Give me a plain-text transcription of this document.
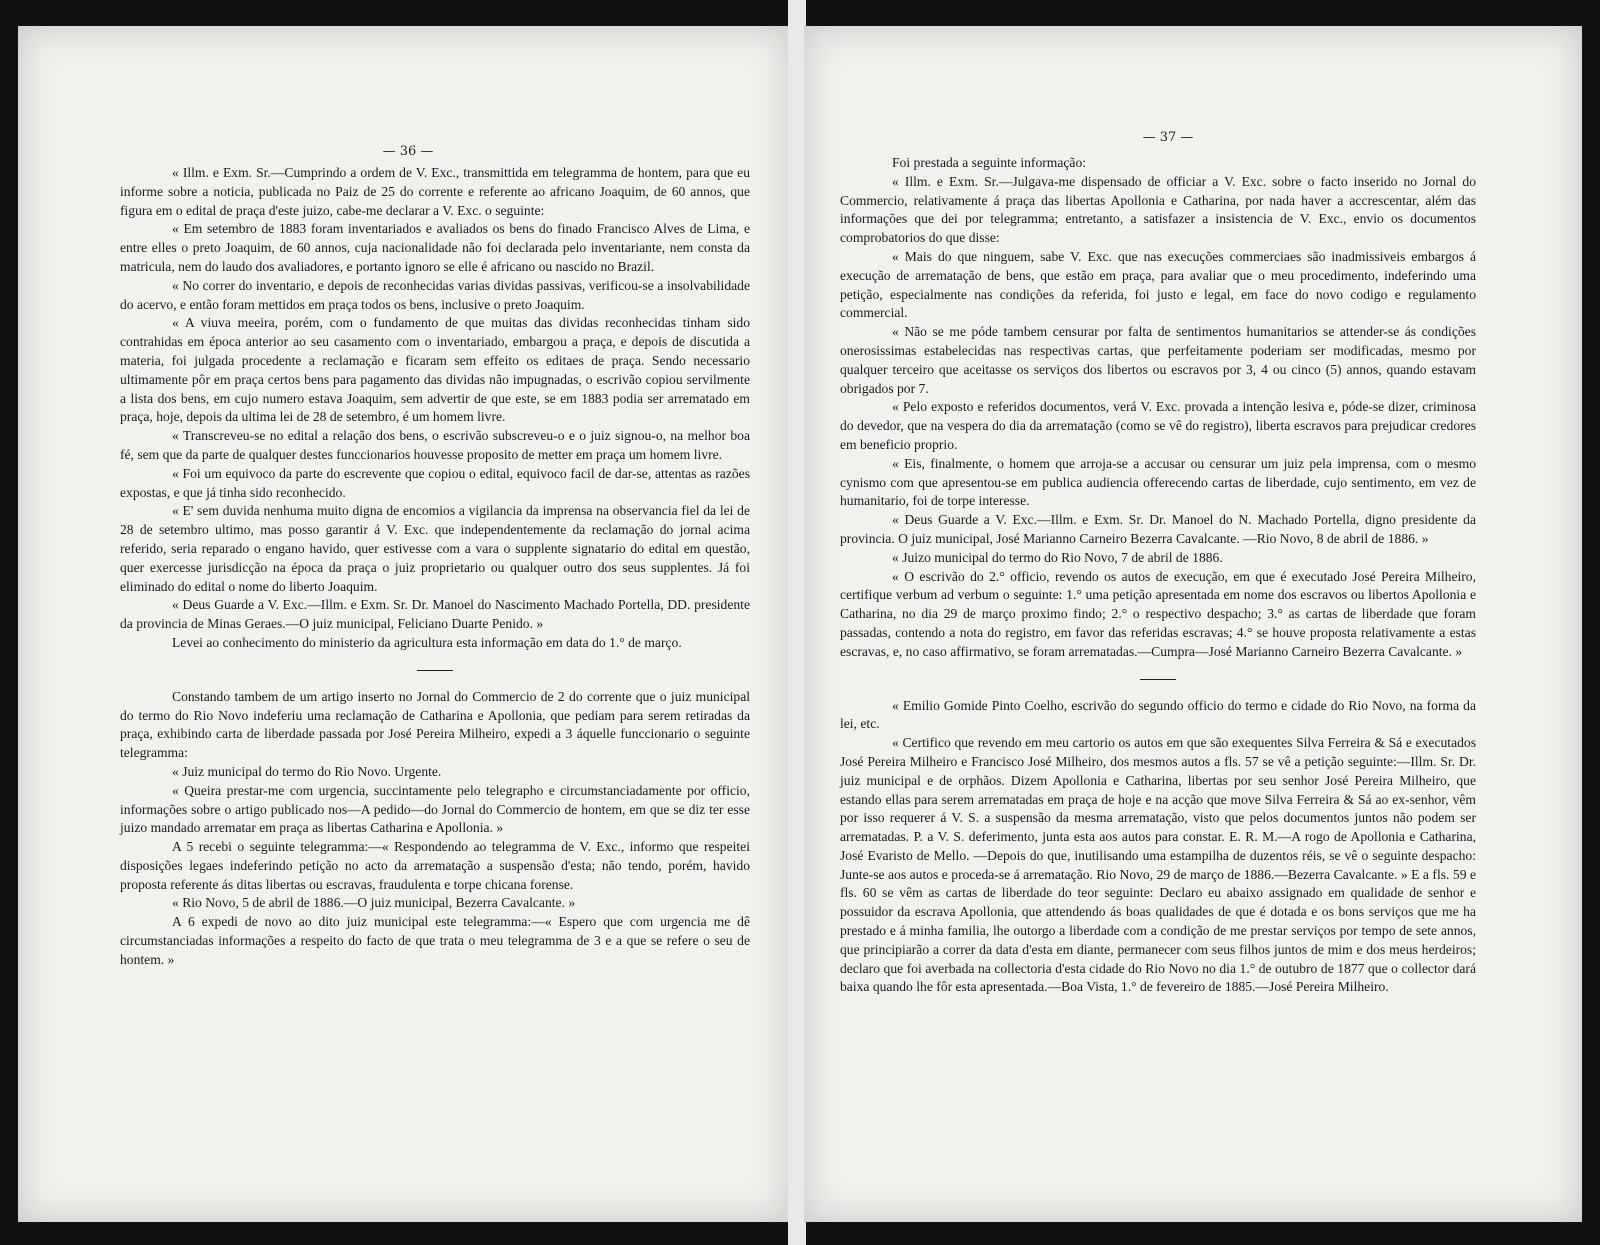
— 36 —

« Illm. e Exm. Sr.—Cumprindo a ordem de V. Exc., transmittida em telegramma de hontem, para que eu informe sobre a noticia, publicada no Paiz de 25 do corrente e referente ao africano Joaquim, de 60 annos, que figura em o edital de praça d'este juizo, cabe-me declarar a V. Exc. o seguinte:

« Em setembro de 1883 foram inventariados e avaliados os bens do finado Francisco Alves de Lima, e entre elles o preto Joaquim, de 60 annos, cuja nacionalidade não foi declarada pelo inventariante, nem consta da matricula, nem do laudo dos avaliadores, e portanto ignoro se elle é africano ou nascido no Brazil.

« No correr do inventario, e depois de reconhecidas varias dividas passivas, verificou-se a insolvabilidade do acervo, e então foram mettidos em praça todos os bens, inclusive o preto Joaquim.

« A viuva meeira, porém, com o fundamento de que muitas das dividas reconhecidas tinham sido contrahidas em época anterior ao seu casamento com o inventariado, embargou a praça, e depois de discutida a materia, foi julgada procedente a reclamação e ficaram sem effeito os editaes de praça. Sendo necessario ultimamente pôr em praça certos bens para pagamento das dividas não impugnadas, o escrivão copiou servilmente a lista dos bens, em cujo numero estava Joaquim, sem advertir de que este, se em 1883 podia ser arrematado em praça, hoje, depois da ultima lei de 28 de setembro, é um homem livre.

« Transcreveu-se no edital a relação dos bens, o escrivão subscreveu-o e o juiz signou-o, na melhor boa fé, sem que da parte de qualquer destes funccionarios houvesse proposito de metter em praça um homem livre.

« Foi um equivoco da parte do escrevente que copiou o edital, equivoco facil de dar-se, attentas as razões expostas, e que já tinha sido reconhecido.

« E' sem duvida nenhuma muito digna de encomios a vigilancia da imprensa na observancia fiel da lei de 28 de setembro ultimo, mas posso garantir á V. Exc. que independentemente da reclamação do jornal acima referido, seria reparado o engano havido, quer estivesse com a vara o supplente signatario do edital em questão, quer exercesse jurisdicção na época da praça o juiz proprietario ou qualquer outro dos seus supplentes. Já foi eliminado do edital o nome do liberto Joaquim.

« Deus Guarde a V. Exc.—Illm. e Exm. Sr. Dr. Manoel do Nascimento Machado Portella, DD. presidente da provincia de Minas Geraes.—O juiz municipal, Feliciano Duarte Penido. »

Levei ao conhecimento do ministerio da agricultura esta informação em data do 1.° de março.

Constando tambem de um artigo inserto no Jornal do Commercio de 2 do corrente que o juiz municipal do termo do Rio Novo indeferiu uma reclamação de Catharina e Apollonia, que pediam para serem retiradas da praça, exhibindo carta de liberdade passada por José Pereira Milheiro, expedi a 3 áquelle funccionario o seguinte telegramma:

« Juiz municipal do termo do Rio Novo. Urgente.

« Queira prestar-me com urgencia, succintamente pelo telegrapho e circumstanciadamente por officio, informações sobre o artigo publicado nos—A pedido—do Jornal do Commercio de hontem, em que se diz ter esse juizo mandado arrematar em praça as libertas Catharina e Apollonia. »

A 5 recebi o seguinte telegramma:—« Respondendo ao telegramma de V. Exc., informo que respeitei disposições legaes indeferindo petição no acto da arrematação a suspensão d'esta; não tendo, porém, havido proposta referente ás ditas libertas ou escravas, fraudulenta e torpe chicana forense.

« Rio Novo, 5 de abril de 1886.—O juiz municipal, Bezerra Cavalcante. »

A 6 expedi de novo ao dito juiz municipal este telegramma:—« Espero que com urgencia me dê circumstanciadas informações a respeito do facto de que trata o meu telegramma de 3 e a que se refere o seu de hontem. »

— 37 —

Foi prestada a seguinte informação:

« Illm. e Exm. Sr.—Julgava-me dispensado de officiar a V. Exc. sobre o facto inserido no Jornal do Commercio, relativamente á praça das libertas Apollonia e Catharina, por nada haver a accrescentar, além das informações que dei por telegramma; entretanto, a satisfazer a insistencia de V. Exc., envio os documentos comprobatorios do que disse:

« Mais do que ninguem, sabe V. Exc. que nas execuções commerciaes são inadmissiveis embargos á execução de arrematação de bens, que estão em praça, para avaliar que o meu procedimento, indeferindo uma petição, especialmente nas condições da referida, foi justo e legal, em face do novo codigo e regulamento commercial.

« Não se me póde tambem censurar por falta de sentimentos humanitarios se attender-se ás condições onerosissimas estabelecidas nas respectivas cartas, que perfeitamente poderiam ser modificadas, mesmo por qualquer terceiro que aceitasse os serviços dos libertos ou escravos por 3, 4 ou cinco (5) annos, quando estavam obrigados por 7.

« Pelo exposto e referidos documentos, verá V. Exc. provada a intenção lesiva e, póde-se dizer, criminosa do devedor, que na vespera do dia da arrematação (como se vê do registro), liberta escravos para prejudicar credores em beneficio proprio.

« Eis, finalmente, o homem que arroja-se a accusar ou censurar um juiz pela imprensa, com o mesmo cynismo com que apresentou-se em publica audiencia offerecendo cartas de liberdade, cujo sentimento, em vez de humanitario, foi de torpe interesse.

« Deus Guarde a V. Exc.—Illm. e Exm. Sr. Dr. Manoel do N. Machado Portella, digno presidente da provincia. O juiz municipal, José Marianno Carneiro Bezerra Cavalcante. —Rio Novo, 8 de abril de 1886. »

« Juizo municipal do termo do Rio Novo, 7 de abril de 1886.

« O escrivão do 2.° officio, revendo os autos de execução, em que é executado José Pereira Milheiro, certifique verbum ad verbum o seguinte: 1.° uma petição apresentada em nome dos escravos ou libertos Apollonia e Catharina, no dia 29 de março proximo findo; 2.° o respectivo despacho; 3.° as cartas de liberdade que foram passadas, contendo a nota do registro, em favor das referidas escravas; 4.° se houve proposta relativamente a estas escravas, e, no caso affirmativo, se foram arrematadas.—Cumpra—José Marianno Carneiro Bezerra Cavalcante. »

« Emilio Gomide Pinto Coelho, escrivão do segundo officio do termo e cidade do Rio Novo, na forma da lei, etc.

« Certifico que revendo em meu cartorio os autos em que são exequentes Silva Ferreira & Sá e executados José Pereira Milheiro e Francisco José Milheiro, dos mesmos autos a fls. 57 se vê a petição seguinte:—Illm. Sr. Dr. juiz municipal e de orphãos. Dizem Apollonia e Catharina, libertas por seu senhor José Pereira Milheiro, que estando ellas para serem arrematadas em praça de hoje e na acção que move Silva Ferreira & Sá ao ex-senhor, vêm por isso requerer á V. S. a suspensão da mesma arrematação, visto que pelos documentos juntos não podem ser arrematadas. P. a V. S. deferimento, junta esta aos autos para constar. E. R. M.—A rogo de Apollonia e Catharina, José Evaristo de Mello. —Depois do que, inutilisando uma estampilha de duzentos réis, se vê o seguinte despacho: Junte-se aos autos e proceda-se á arrematação. Rio Novo, 29 de março de 1886.—Bezerra Cavalcante. » E a fls. 59 e fls. 60 se vêm as cartas de liberdade do teor seguinte: Declaro eu abaixo assignado em qualidade de senhor e possuidor da escrava Apollonia, que attendendo ás boas qualidades de que é dotada e os bons serviços que me ha prestado e á minha familia, lhe outorgo a liberdade com a condição de me prestar serviços por tempo de sete annos, que principiarão a correr da data d'esta em diante, permanecer com seus filhos juntos de mim e dos meus herdeiros; declaro que foi averbada na collectoria d'esta cidade do Rio Novo no dia 1.° de outubro de 1877 que o collector dará baixa quando lhe fôr esta apresentada.—Boa Vista, 1.° de fevereiro de 1885.—José Pereira Milheiro.
